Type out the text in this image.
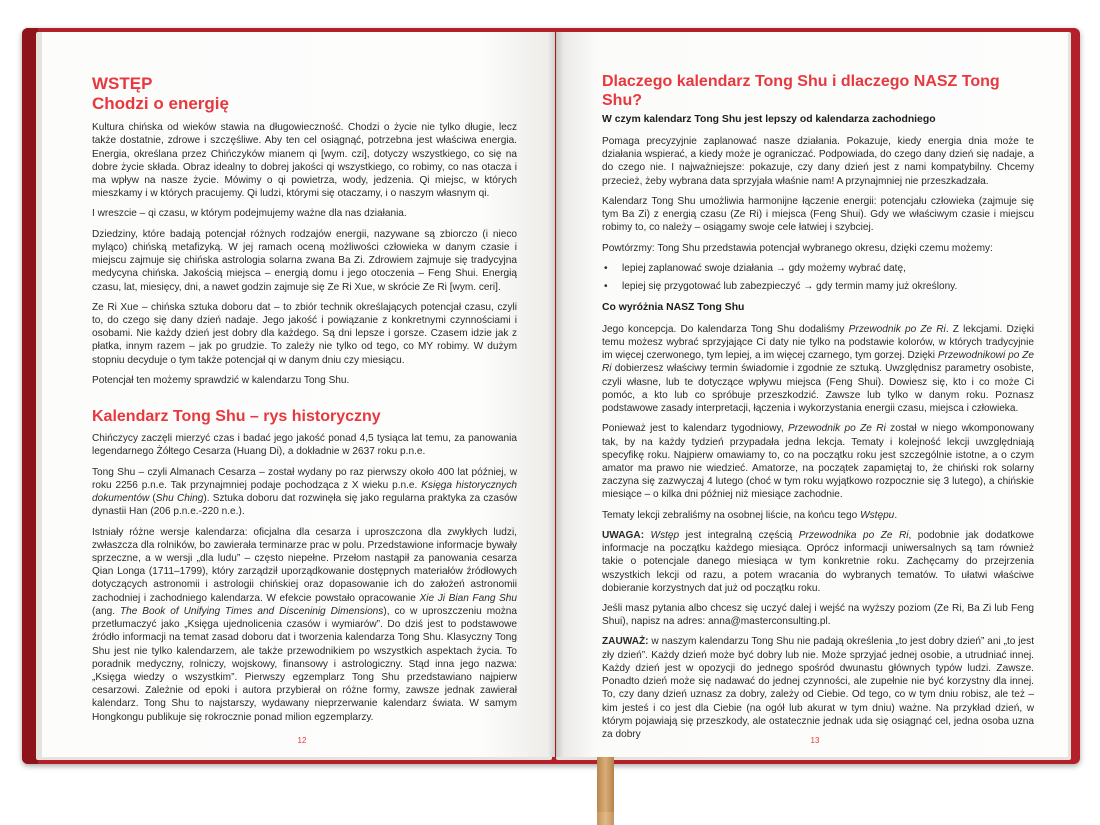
WSTĘP
Chodzi o energię

Kultura chińska od wieków stawia na długowieczność. Chodzi o życie nie tylko długie, lecz także dostatnie, zdrowe i szczęśliwe. Aby ten cel osiągnąć, potrzebna jest właściwa energia. Energia, określana przez Chińczyków mianem qi [wym. czi], dotyczy wszystkiego, co się na dobre życie składa. Obraz idealny to dobrej jakości qi wszystkiego, co robimy, co nas otacza i ma wpływ na nasze życie. Mówimy o qi powietrza, wody, jedzenia. Qi miejsc, w których mieszkamy i w których pracujemy. Qi ludzi, którymi się otaczamy, i o naszym własnym qi.

I wreszcie – qi czasu, w którym podejmujemy ważne dla nas działania.

Dziedziny, które badają potencjał różnych rodzajów energii, nazywane są zbiorczo (i nieco myląco) chińską metafizyką. W jej ramach oceną możliwości człowieka w danym czasie i miejscu zajmuje się chińska astrologia solarna zwana Ba Zi. Zdrowiem zajmuje się tradycyjna medycyna chińska. Jakością miejsca – energią domu i jego otoczenia – Feng Shui. Energią czasu, lat, miesięcy, dni, a nawet godzin zajmuje się Ze Ri Xue, w skrócie Ze Ri [wym. ceri].

Ze Ri Xue – chińska sztuka doboru dat – to zbiór technik określających potencjał czasu, czyli to, do czego się dany dzień nadaje. Jego jakość i powiązanie z konkretnymi czynnościami i osobami. Nie każdy dzień jest dobry dla każdego. Są dni lepsze i gorsze. Czasem idzie jak z płatka, innym razem – jak po grudzie. To zależy nie tylko od tego, co MY robimy. W dużym stopniu decyduje o tym także potencjał qi w danym dniu czy miesiącu.

Potencjał ten możemy sprawdzić w kalendarzu Tong Shu.

Kalendarz Tong Shu – rys historyczny

Chińczycy zaczęli mierzyć czas i badać jego jakość ponad 4,5 tysiąca lat temu, za panowania legendarnego Żółtego Cesarza (Huang Di), a dokładnie w 2637 roku p.n.e.

Tong Shu – czyli Almanach Cesarza – został wydany po raz pierwszy około 400 lat później, w roku 2256 p.n.e. Tak przynajmniej podaje pochodząca z X wieku p.n.e. Księga historycznych dokumentów (Shu Ching). Sztuka doboru dat rozwinęła się jako regularna praktyka za czasów dynastii Han (206 p.n.e.-220 n.e.).

Istniały różne wersje kalendarza: oficjalna dla cesarza i uproszczona dla zwykłych ludzi, zwłaszcza dla rolników, bo zawierała terminarze prac w polu. Przedstawione informacje bywały sprzeczne, a w wersji „dla ludu” – często niepełne. Przełom nastąpił za panowania cesarza Qian Longa (1711–1799), który zarządził uporządkowanie dostępnych materiałów źródłowych dotyczących astronomii i astrologii chińskiej oraz dopasowanie ich do założeń astronomii zachodniej i zachodniego kalendarza. W efekcie powstało opracowanie Xie Ji Bian Fang Shu (ang. The Book of Unifying Times and Disceninig Dimensions), co w uproszczeniu można przetłumaczyć jako „Księga ujednolicenia czasów i wymiarów”. Do dziś jest to podstawowe źródło informacji na temat zasad doboru dat i tworzenia kalendarza Tong Shu. Klasyczny Tong Shu jest nie tylko kalendarzem, ale także przewodnikiem po wszystkich aspektach życia. To poradnik medyczny, rolniczy, wojskowy, finansowy i astrologiczny. Stąd inna jego nazwa: „Księga wiedzy o wszystkim”. Pierwszy egzemplarz Tong Shu przedstawiano najpierw cesarzowi. Zależnie od epoki i autora przybierał on różne formy, zawsze jednak zawierał kalendarz. Tong Shu to najstarszy, wydawany nieprzerwanie kalendarz świata. W samym Hongkongu publikuje się rokrocznie ponad milion egzemplarzy.

12
Dlaczego kalendarz Tong Shu i dlaczego NASZ Tong Shu?
W czym kalendarz Tong Shu jest lepszy od kalendarza zachodniego

Pomaga precyzyjnie zaplanować nasze działania. Pokazuje, kiedy energia dnia może te działania wspierać, a kiedy może je ograniczać. Podpowiada, do czego dany dzień się nadaje, a do czego nie. I najważniejsze: pokazuje, czy dany dzień jest z nami kompatybilny. Chcemy przecież, żeby wybrana data sprzyjała właśnie nam! A przynajmniej nie przeszkadzała.

Kalendarz Tong Shu umożliwia harmonijne łączenie energii: potencjału człowieka (zajmuje się tym Ba Zi) z energią czasu (Ze Ri) i miejsca (Feng Shui). Gdy we właściwym czasie i miejscu robimy to, co należy – osiągamy swoje cele łatwiej i szybciej.

Powtórzmy: Tong Shu przedstawia potencjał wybranego okresu, dzięki czemu możemy:

• lepiej zaplanować swoje działania → gdy możemy wybrać datę,
• lepiej się przygotować lub zabezpieczyć → gdy termin mamy już określony.
Co wyróżnia NASZ Tong Shu

Jego koncepcja. Do kalendarza Tong Shu dodaliśmy Przewodnik po Ze Ri. Z lekcjami. Dzięki temu możesz wybrać sprzyjające Ci daty nie tylko na podstawie kolorów, w których tradycyjnie im więcej czerwonego, tym lepiej, a im więcej czarnego, tym gorzej. Dzięki Przewodnikowi po Ze Ri dobierzesz właściwy termin świadomie i zgodnie ze sztuką. Uwzględnisz parametry osobiste, czyli własne, lub te dotyczące wpływu miejsca (Feng Shui). Dowiesz się, kto i co może Ci pomóc, a kto lub co spróbuje przeszkodzić. Zawsze lub tylko w danym roku. Poznasz podstawowe zasady interpretacji, łączenia i wykorzystania energii czasu, miejsca i człowieka.

Ponieważ jest to kalendarz tygodniowy, Przewodnik po Ze Ri został w niego wkomponowany tak, by na każdy tydzień przypadała jedna lekcja. Tematy i kolejność lekcji uwzględniają specyfikę roku. Najpierw omawiamy to, co na początku roku jest szczególnie istotne, a o czym amator ma prawo nie wiedzieć. Amatorze, na początek zapamiętaj to, że chiński rok solarny zaczyna się zazwyczaj 4 lutego (choć w tym roku wyjątkowo rozpocznie się 3 lutego), a chińskie miesiące – o kilka dni później niż miesiące zachodnie.

Tematy lekcji zebraliśmy na osobnej liście, na końcu tego Wstępu.

UWAGA: Wstęp jest integralną częścią Przewodnika po Ze Ri, podobnie jak dodatkowe informacje na początku każdego miesiąca. Oprócz informacji uniwersalnych są tam również takie o potencjale danego miesiąca w tym konkretnie roku. Zachęcamy do przejrzenia wszystkich lekcji od razu, a potem wracania do wybranych tematów. To ułatwi właściwe dobieranie korzystnych dat już od początku roku.

Jeśli masz pytania albo chcesz się uczyć dalej i wejść na wyższy poziom (Ze Ri, Ba Zi lub Feng Shui), napisz na adres: anna@masterconsulting.pl.

ZAUWAŻ: w naszym kalendarzu Tong Shu nie padają określenia „to jest dobry dzień” ani „to jest zły dzień”. Każdy dzień może być dobry lub nie. Może sprzyjać jednej osobie, a utrudniać innej. Każdy dzień jest w opozycji do jednego spośród dwunastu głównych typów ludzi. Zawsze. Ponadto dzień może się nadawać do jednej czynności, ale zupełnie nie być korzystny dla innej. To, czy dany dzień uznasz za dobry, zależy od Ciebie. Od tego, co w tym dniu robisz, ale też – kim jesteś i co jest dla Ciebie (na ogół lub akurat w tym dniu) ważne. Na przykład dzień, w którym pojawiają się przeszkody, ale ostatecznie jednak uda się osiągnąć cel, jedna osoba uzna za dobry

13
